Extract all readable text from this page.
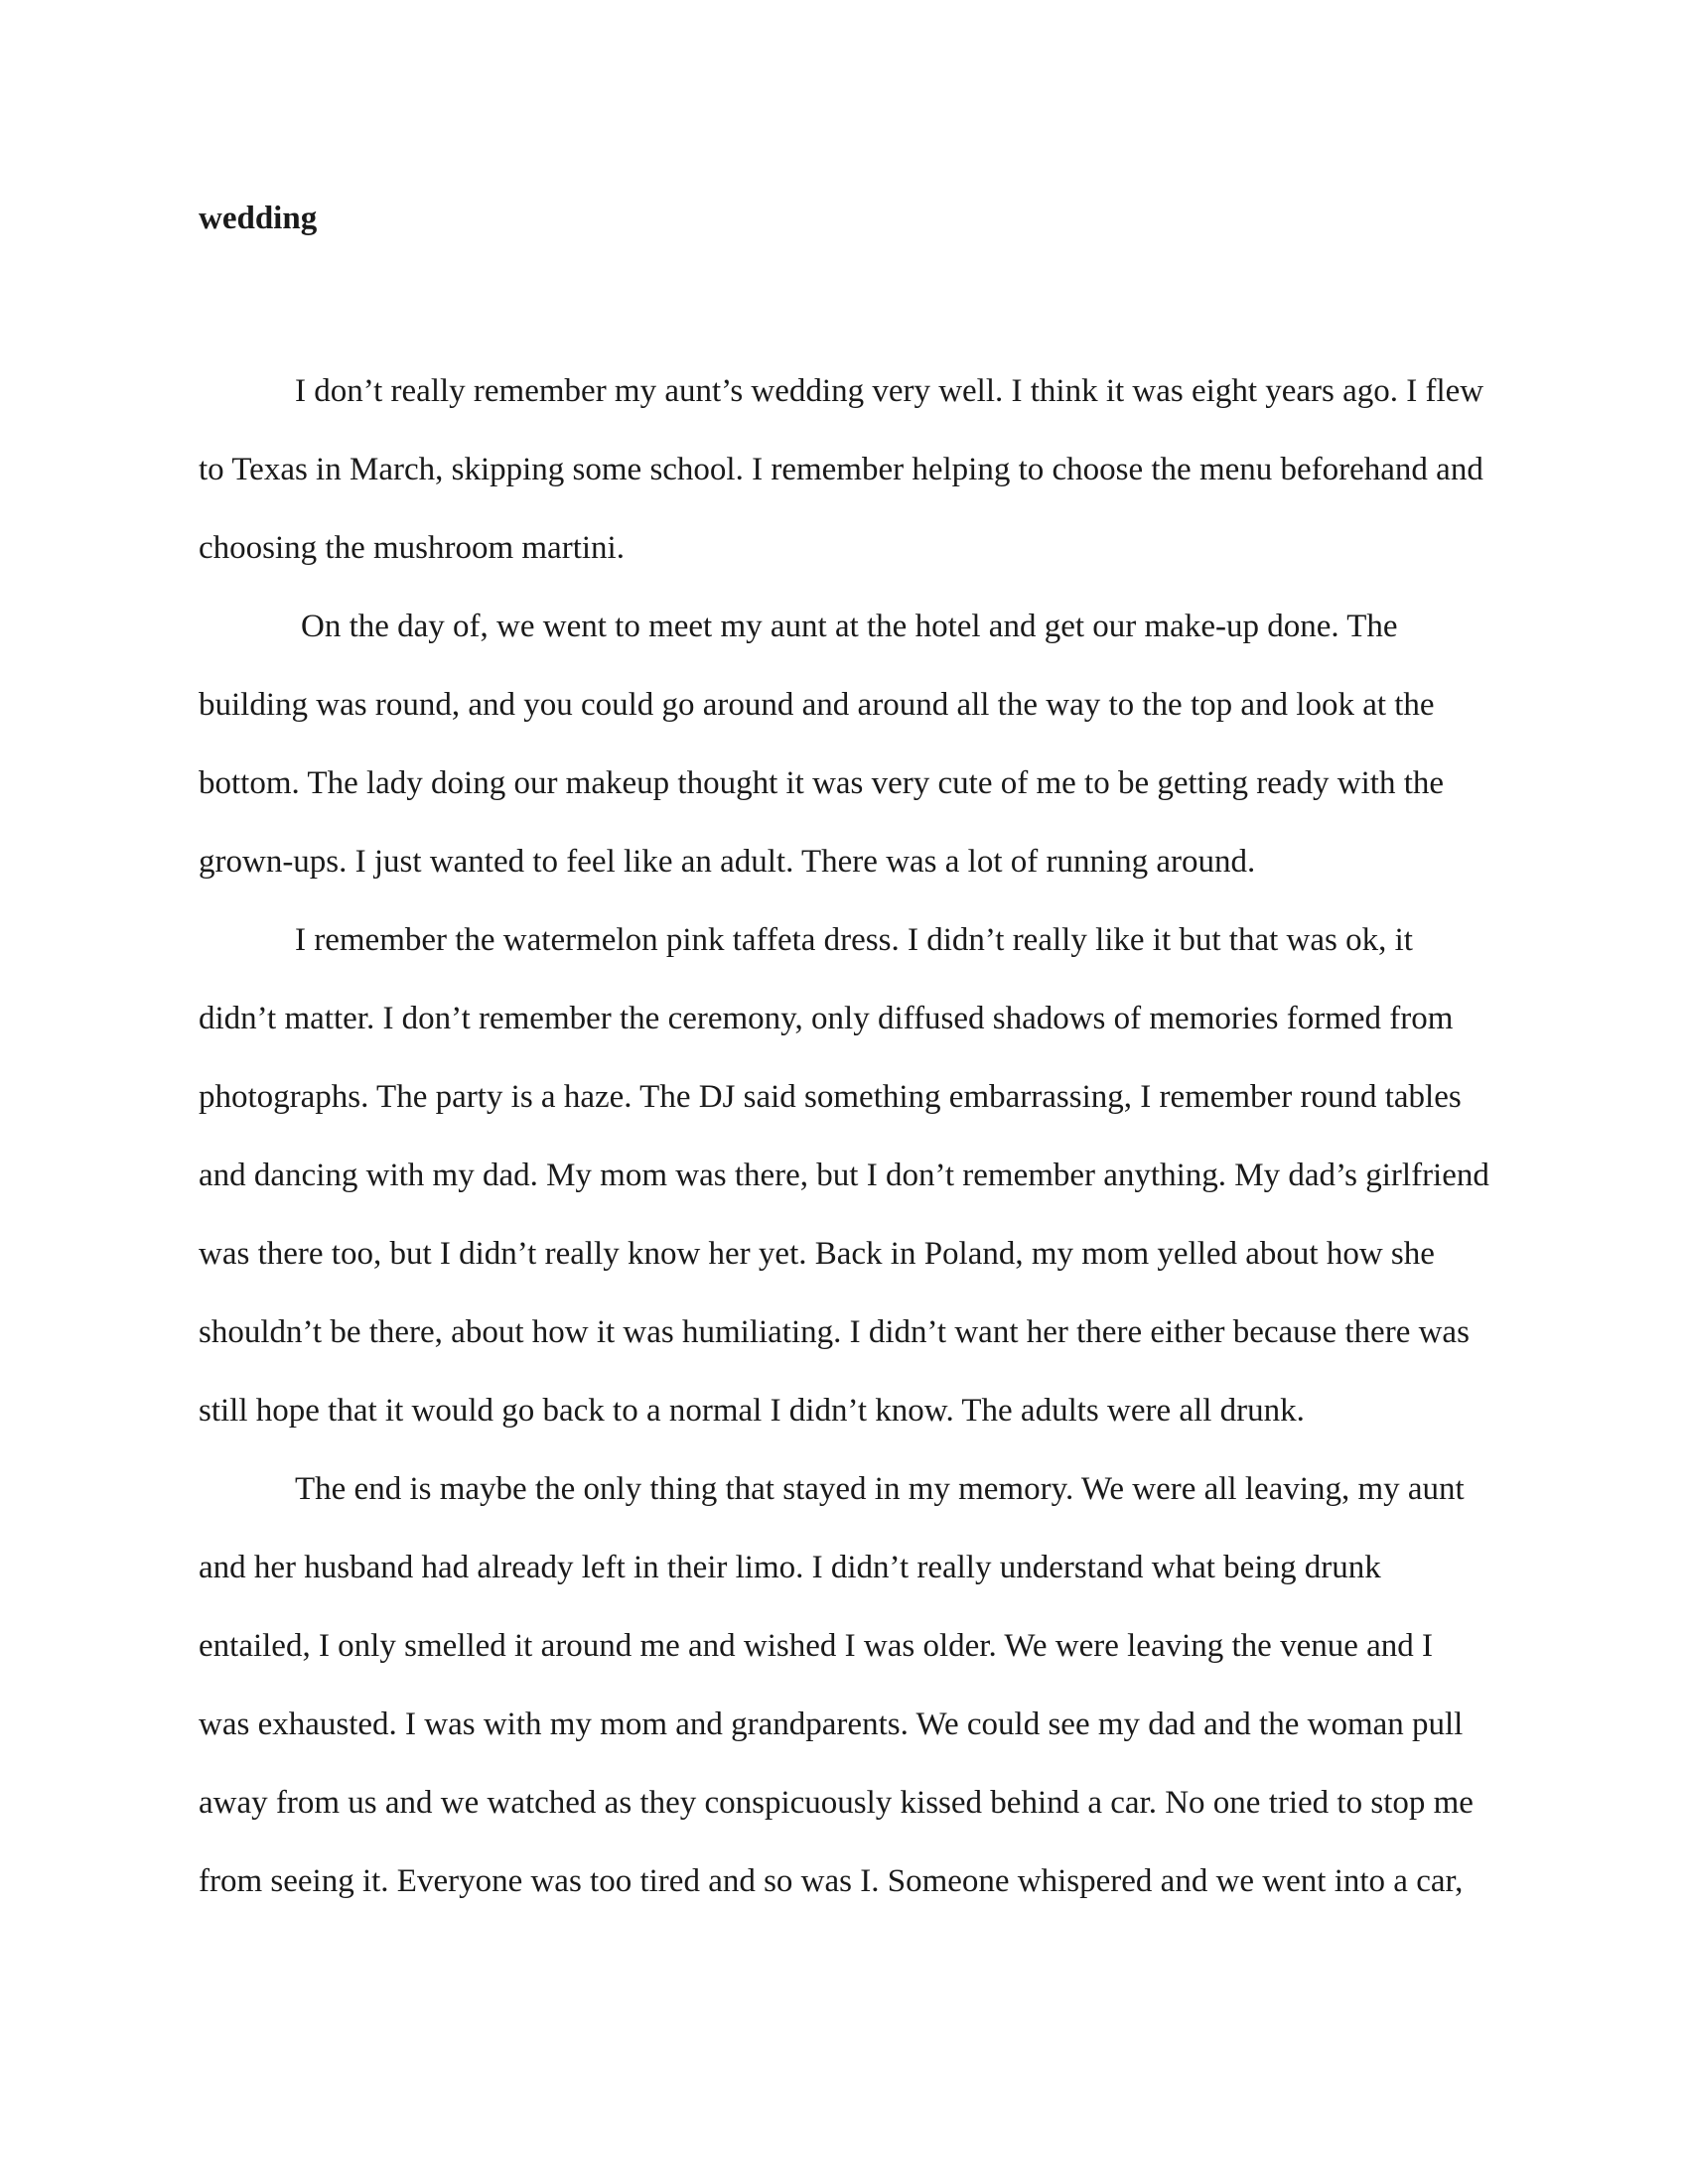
wedding

I don’t really remember my aunt’s wedding very well. I think it was eight years ago. I flew to Texas in March, skipping some school. I remember helping to choose the menu beforehand and choosing the mushroom martini.

On the day of, we went to meet my aunt at the hotel and get our make-up done. The building was round, and you could go around and around all the way to the top and look at the bottom. The lady doing our makeup thought it was very cute of me to be getting ready with the grown-ups. I just wanted to feel like an adult. There was a lot of running around.

I remember the watermelon pink taffeta dress. I didn’t really like it but that was ok, it didn’t matter. I don’t remember the ceremony, only diffused shadows of memories formed from photographs. The party is a haze. The DJ said something embarrassing, I remember round tables and dancing with my dad. My mom was there, but I don’t remember anything. My dad’s girlfriend was there too, but I didn’t really know her yet. Back in Poland, my mom yelled about how she shouldn’t be there, about how it was humiliating. I didn’t want her there either because there was still hope that it would go back to a normal I didn’t know. The adults were all drunk.

The end is maybe the only thing that stayed in my memory. We were all leaving, my aunt and her husband had already left in their limo. I didn’t really understand what being drunk entailed, I only smelled it around me and wished I was older. We were leaving the venue and I was exhausted. I was with my mom and grandparents. We could see my dad and the woman pull away from us and we watched as they conspicuously kissed behind a car. No one tried to stop me from seeing it. Everyone was too tired and so was I. Someone whispered and we went into a car,
